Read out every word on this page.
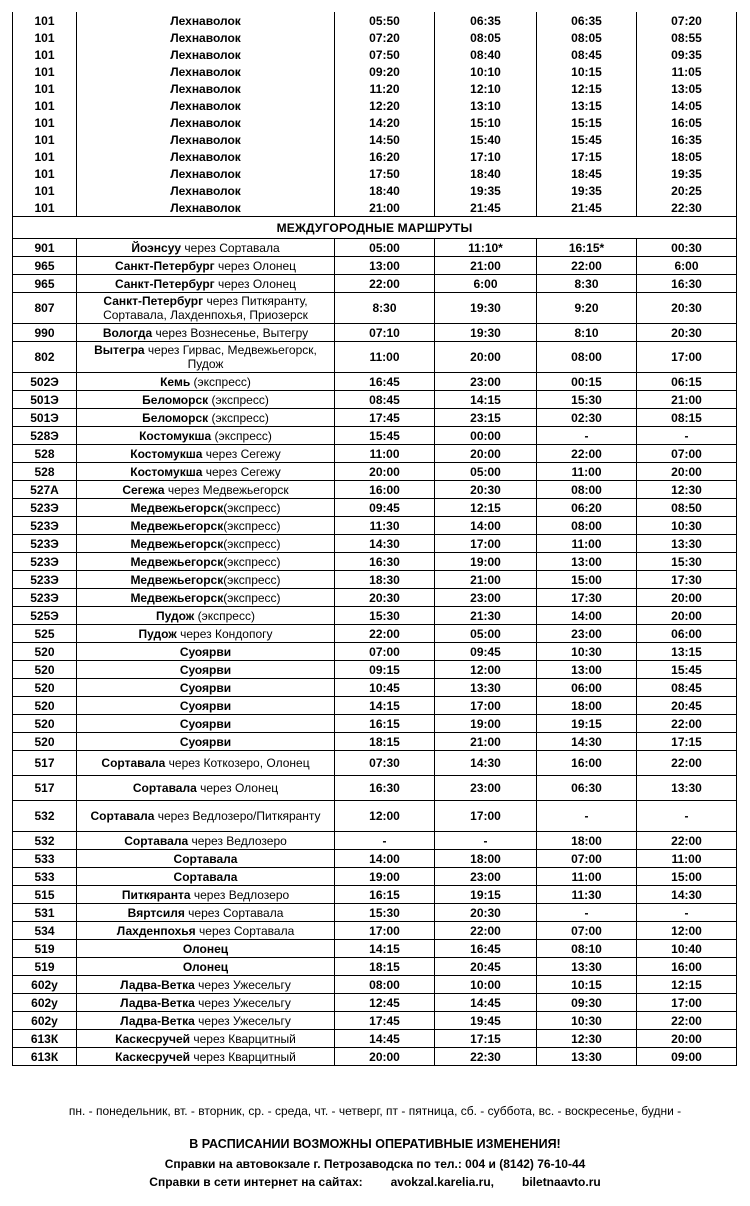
101	Лехнаволок	05:50	06:35	06:35	07:20
101	Лехнаволок	07:20	08:05	08:05	08:55
101	Лехнаволок	07:50	08:40	08:45	09:35
101	Лехнаволок	09:20	10:10	10:15	11:05
101	Лехнаволок	11:20	12:10	12:15	13:05
101	Лехнаволок	12:20	13:10	13:15	14:05
101	Лехнаволок	14:20	15:10	15:15	16:05
101	Лехнаволок	14:50	15:40	15:45	16:35
101	Лехнаволок	16:20	17:10	17:15	18:05
101	Лехнаволок	17:50	18:40	18:45	19:35
101	Лехнаволок	18:40	19:35	19:35	20:25
101	Лехнаволок	21:00	21:45	21:45	22:30
МЕЖДУГОРОДНЫЕ МАРШРУТЫ					
901	Йоэнсуу через Сортавала	05:00	11:10*	16:15*	00:30
965	Санкт-Петербург через Олонец	13:00	21:00	22:00	6:00
965	Санкт-Петербург через Олонец	22:00	6:00	8:30	16:30
807	Санкт-Петербург через Питкяранту, Сортавала, Лахденпохья, Приозерск	8:30	19:30	9:20	20:30
990	Вологда через Вознесенье, Вытегру	07:10	19:30	8:10	20:30
802	Вытегра через Гирвас, Медвежьегорск, Пудож	11:00	20:00	08:00	17:00
502Э	Кемь (экспресс)	16:45	23:00	00:15	06:15
501Э	Беломорск (экспресс)	08:45	14:15	15:30	21:00
501Э	Беломорск (экспресс)	17:45	23:15	02:30	08:15
528Э	Костомукша (экспресс)	15:45	00:00	-	-
528	Костомукша через Сегежу	11:00	20:00	22:00	07:00
528	Костомукша через Сегежу	20:00	05:00	11:00	20:00
527А	Сегежа через Медвежьегорск	16:00	20:30	08:00	12:30
523Э	Медвежьегорск(экспресс)	09:45	12:15	06:20	08:50
523Э	Медвежьегорск(экспресс)	11:30	14:00	08:00	10:30
523Э	Медвежьегорск(экспресс)	14:30	17:00	11:00	13:30
523Э	Медвежьегорск(экспресс)	16:30	19:00	13:00	15:30
523Э	Медвежьегорск(экспресс)	18:30	21:00	15:00	17:30
523Э	Медвежьегорск(экспресс)	20:30	23:00	17:30	20:00
525Э	Пудож (экспресс)	15:30	21:30	14:00	20:00
525	Пудож через Кондопогу	22:00	05:00	23:00	06:00
520	Суоярви	07:00	09:45	10:30	13:15
520	Суоярви	09:15	12:00	13:00	15:45
520	Суоярви	10:45	13:30	06:00	08:45
520	Суоярви	14:15	17:00	18:00	20:45
520	Суоярви	16:15	19:00	19:15	22:00
520	Суоярви	18:15	21:00	14:30	17:15
517	Сортавала через Коткозеро, Олонец	07:30	14:30	16:00	22:00
517	Сортавала через Олонец	16:30	23:00	06:30	13:30
532	Сортавала через Ведлозеро/Питкяранту	12:00	17:00	-	-
532	Сортавала через Ведлозеро	-	-	18:00	22:00
533	Сортавала	14:00	18:00	07:00	11:00
533	Сортавала	19:00	23:00	11:00	15:00
515	Питкяранта через Ведлозеро	16:15	19:15	11:30	14:30
531	Вяртсиля через Сортавала	15:30	20:30	-	-
534	Лахденпохья через Сортавала	17:00	22:00	07:00	12:00
519	Олонец	14:15	16:45	08:10	10:40
519	Олонец	18:15	20:45	13:30	16:00
602у	Ладва-Ветка через Ужесельгу	08:00	10:00	10:15	12:15
602у	Ладва-Ветка через Ужесельгу	12:45	14:45	09:30	17:00
602у	Ладва-Ветка через Ужесельгу	17:45	19:45	10:30	22:00
613К	Каскесручей через Кварцитный	14:45	17:15	12:30	20:00
613К	Каскесручей через Кварцитный	20:00	22:30	13:30	09:00
пн. - понедельник, вт. - вторник, ср. - среда, чт. - четверг, пт - пятница, сб. - суббота, вс. - воскресенье, будни -
В РАСПИСАНИИ ВОЗМОЖНЫ ОПЕРАТИВНЫЕ ИЗМЕНЕНИЯ!
Справки на автовокзале г. Петрозаводска по тел.: 004 и (8142) 76-10-44
Справки в сети интернет на сайтах: avokzal.karelia.ru, biletnaavto.ru
